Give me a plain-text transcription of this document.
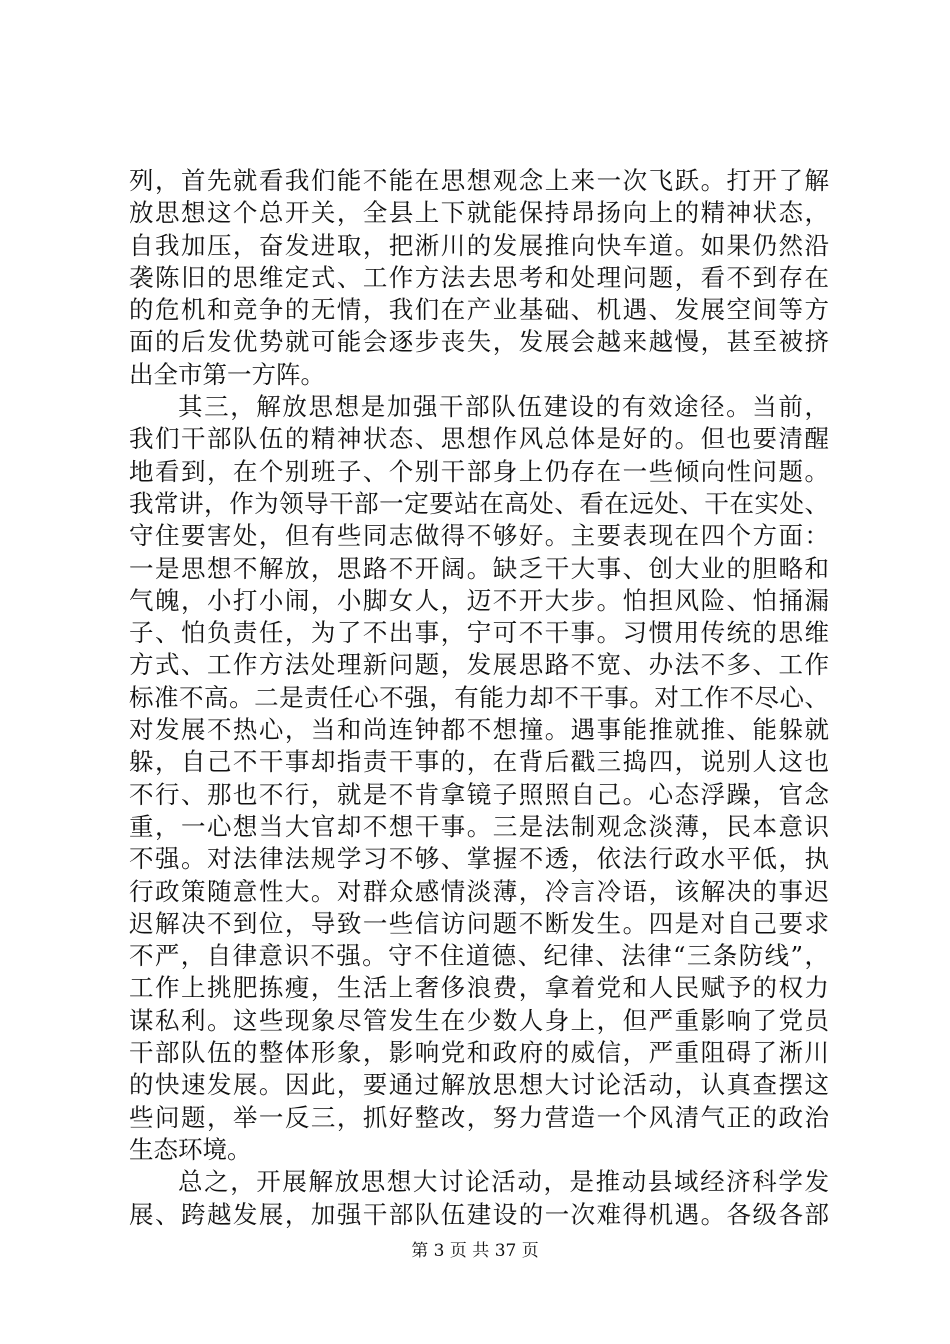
列，首先就看我们能不能在思想观念上来一次飞跃。打开了解
放思想这个总开关，全县上下就能保持昂扬向上的精神状态，
自我加压，奋发进取，把淅川的发展推向快车道。如果仍然沿
袭陈旧的思维定式、工作方法去思考和处理问题，看不到存在
的危机和竞争的无情，我们在产业基础、机遇、发展空间等方
面的后发优势就可能会逐步丧失，发展会越来越慢，甚至被挤
出全市第一方阵。
其三，解放思想是加强干部队伍建设的有效途径。当前，
我们干部队伍的精神状态、思想作风总体是好的。但也要清醒
地看到，在个别班子、个别干部身上仍存在一些倾向性问题。
我常讲，作为领导干部一定要站在高处、看在远处、干在实处、
守住要害处，但有些同志做得不够好。主要表现在四个方面：
一是思想不解放，思路不开阔。缺乏干大事、创大业的胆略和
气魄，小打小闹，小脚女人，迈不开大步。怕担风险、怕捅漏
子、怕负责任，为了不出事，宁可不干事。习惯用传统的思维
方式、工作方法处理新问题，发展思路不宽、办法不多、工作
标准不高。二是责任心不强，有能力却不干事。对工作不尽心、
对发展不热心，当和尚连钟都不想撞。遇事能推就推、能躲就
躲，自己不干事却指责干事的，在背后戳三捣四，说别人这也
不行、那也不行，就是不肯拿镜子照照自己。心态浮躁，官念
重，一心想当大官却不想干事。三是法制观念淡薄，民本意识
不强。对法律法规学习不够、掌握不透，依法行政水平低，执
行政策随意性大。对群众感情淡薄，冷言冷语，该解决的事迟
迟解决不到位，导致一些信访问题不断发生。四是对自己要求
不严，自律意识不强。守不住道德、纪律、法律“三条防线”，
工作上挑肥拣瘦，生活上奢侈浪费，拿着党和人民赋予的权力
谋私利。这些现象尽管发生在少数人身上，但严重影响了党员
干部队伍的整体形象，影响党和政府的威信，严重阻碍了淅川
的快速发展。因此，要通过解放思想大讨论活动，认真查摆这
些问题，举一反三，抓好整改，努力营造一个风清气正的政治
生态环境。
总之，开展解放思想大讨论活动，是推动县域经济科学发
展、跨越发展，加强干部队伍建设的一次难得机遇。各级各部
第 3 页 共 37 页
